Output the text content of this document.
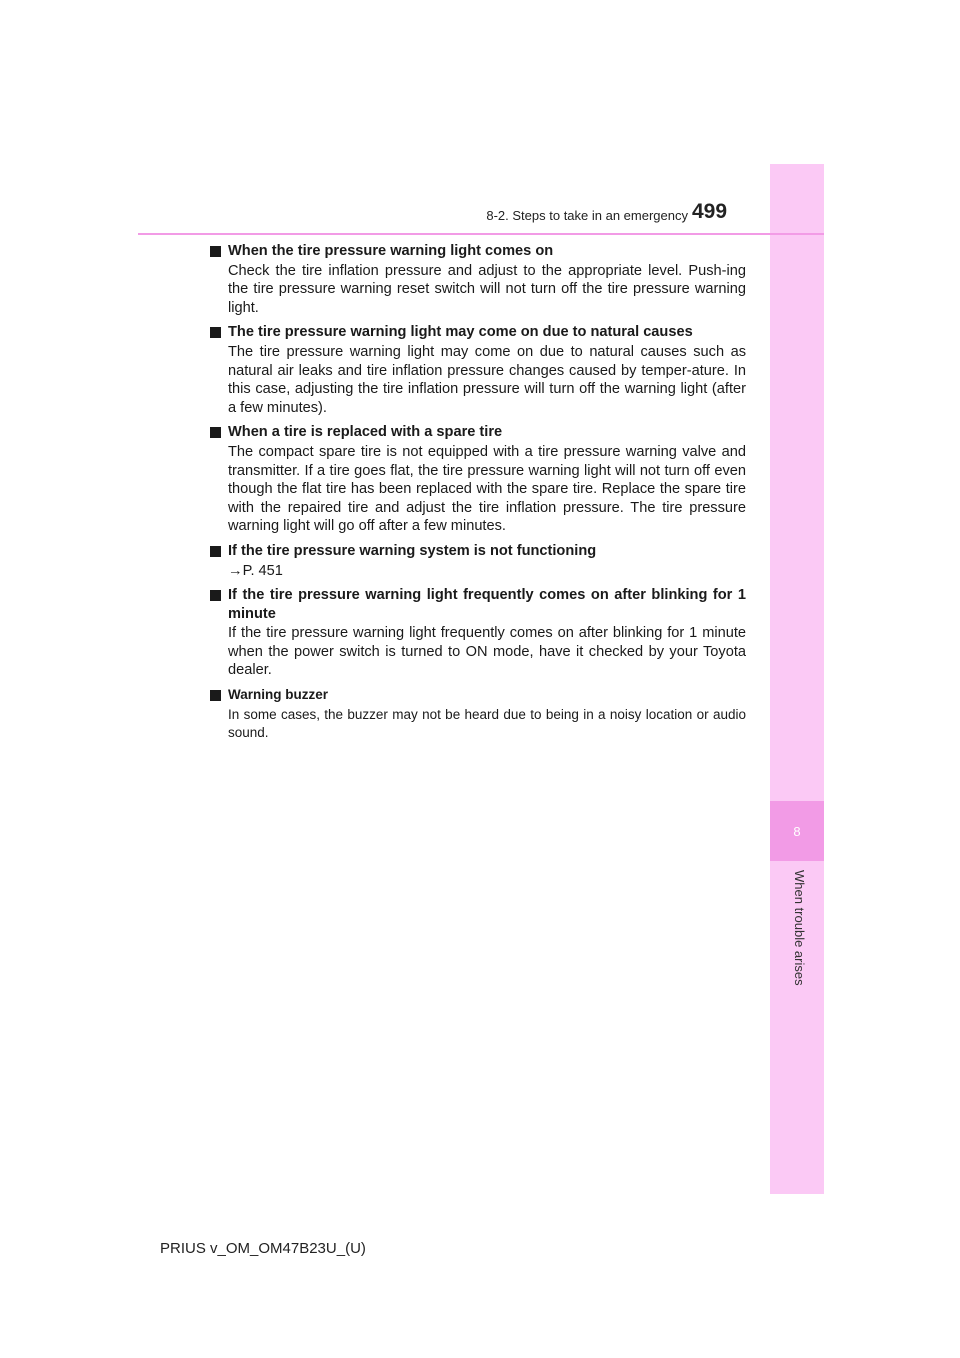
8
When trouble arises
8-2. Steps to take in an emergency 499
When the tire pressure warning light comes on

Check the tire inflation pressure and adjust to the appropriate level. Push-ing the tire pressure warning reset switch will not turn off the tire pressure warning light.

The tire pressure warning light may come on due to natural causes

The tire pressure warning light may come on due to natural causes such as natural air leaks and tire inflation pressure changes caused by temper-ature. In this case, adjusting the tire inflation pressure will turn off the warning light (after a few minutes).

When a tire is replaced with a spare tire

The compact spare tire is not equipped with a tire pressure warning valve and transmitter. If a tire goes flat, the tire pressure warning light will not turn off even though the flat tire has been replaced with the spare tire. Replace the spare tire with the repaired tire and adjust the tire inflation pressure. The tire pressure warning light will go off after a few minutes.

If the tire pressure warning system is not functioning

→P. 451

If the tire pressure warning light frequently comes on after blinking for 1 minute

If the tire pressure warning light frequently comes on after blinking for 1 minute when the power switch is turned to ON mode, have it checked by your Toyota dealer.

Warning buzzer

In some cases, the buzzer may not be heard due to being in a noisy location or audio sound.

PRIUS v_OM_OM47B23U_(U)
